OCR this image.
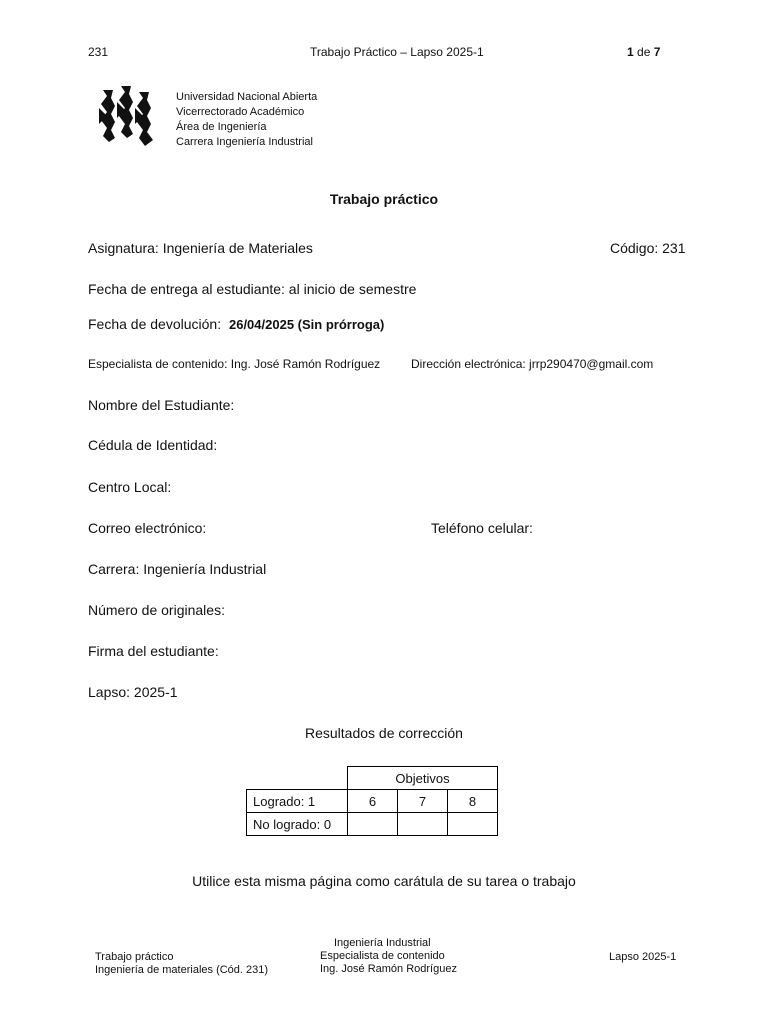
231	Trabajo Práctico – Lapso 2025-1	1 de 7
Universidad Nacional Abierta
Vicerrectorado Académico
Área de Ingeniería
Carrera Ingeniería Industrial
Trabajo práctico
Asignatura: Ingeniería de Materiales	Código: 231
Fecha de entrega al estudiante: al inicio de semestre
Fecha de devolución: 26/04/2025 (Sin prórroga)
Especialista de contenido: Ing. José Ramón Rodríguez	Dirección electrónica: jrrp290470@gmail.com
Nombre del Estudiante:
Cédula de Identidad:
Centro Local:
Correo electrónico:	Teléfono celular:
Carrera: Ingeniería Industrial
Número de originales:
Firma del estudiante:
Lapso: 2025-1
Resultados de corrección
	Objetivos		
Logrado: 1	6	7	8
No logrado: 0			
Utilice esta misma página como carátula de su tarea o trabajo
Trabajo práctico
Ingeniería de materiales (Cód. 231)
Ingeniería Industrial
Especialista de contenido
Ing. José Ramón Rodríguez
Lapso 2025-1
